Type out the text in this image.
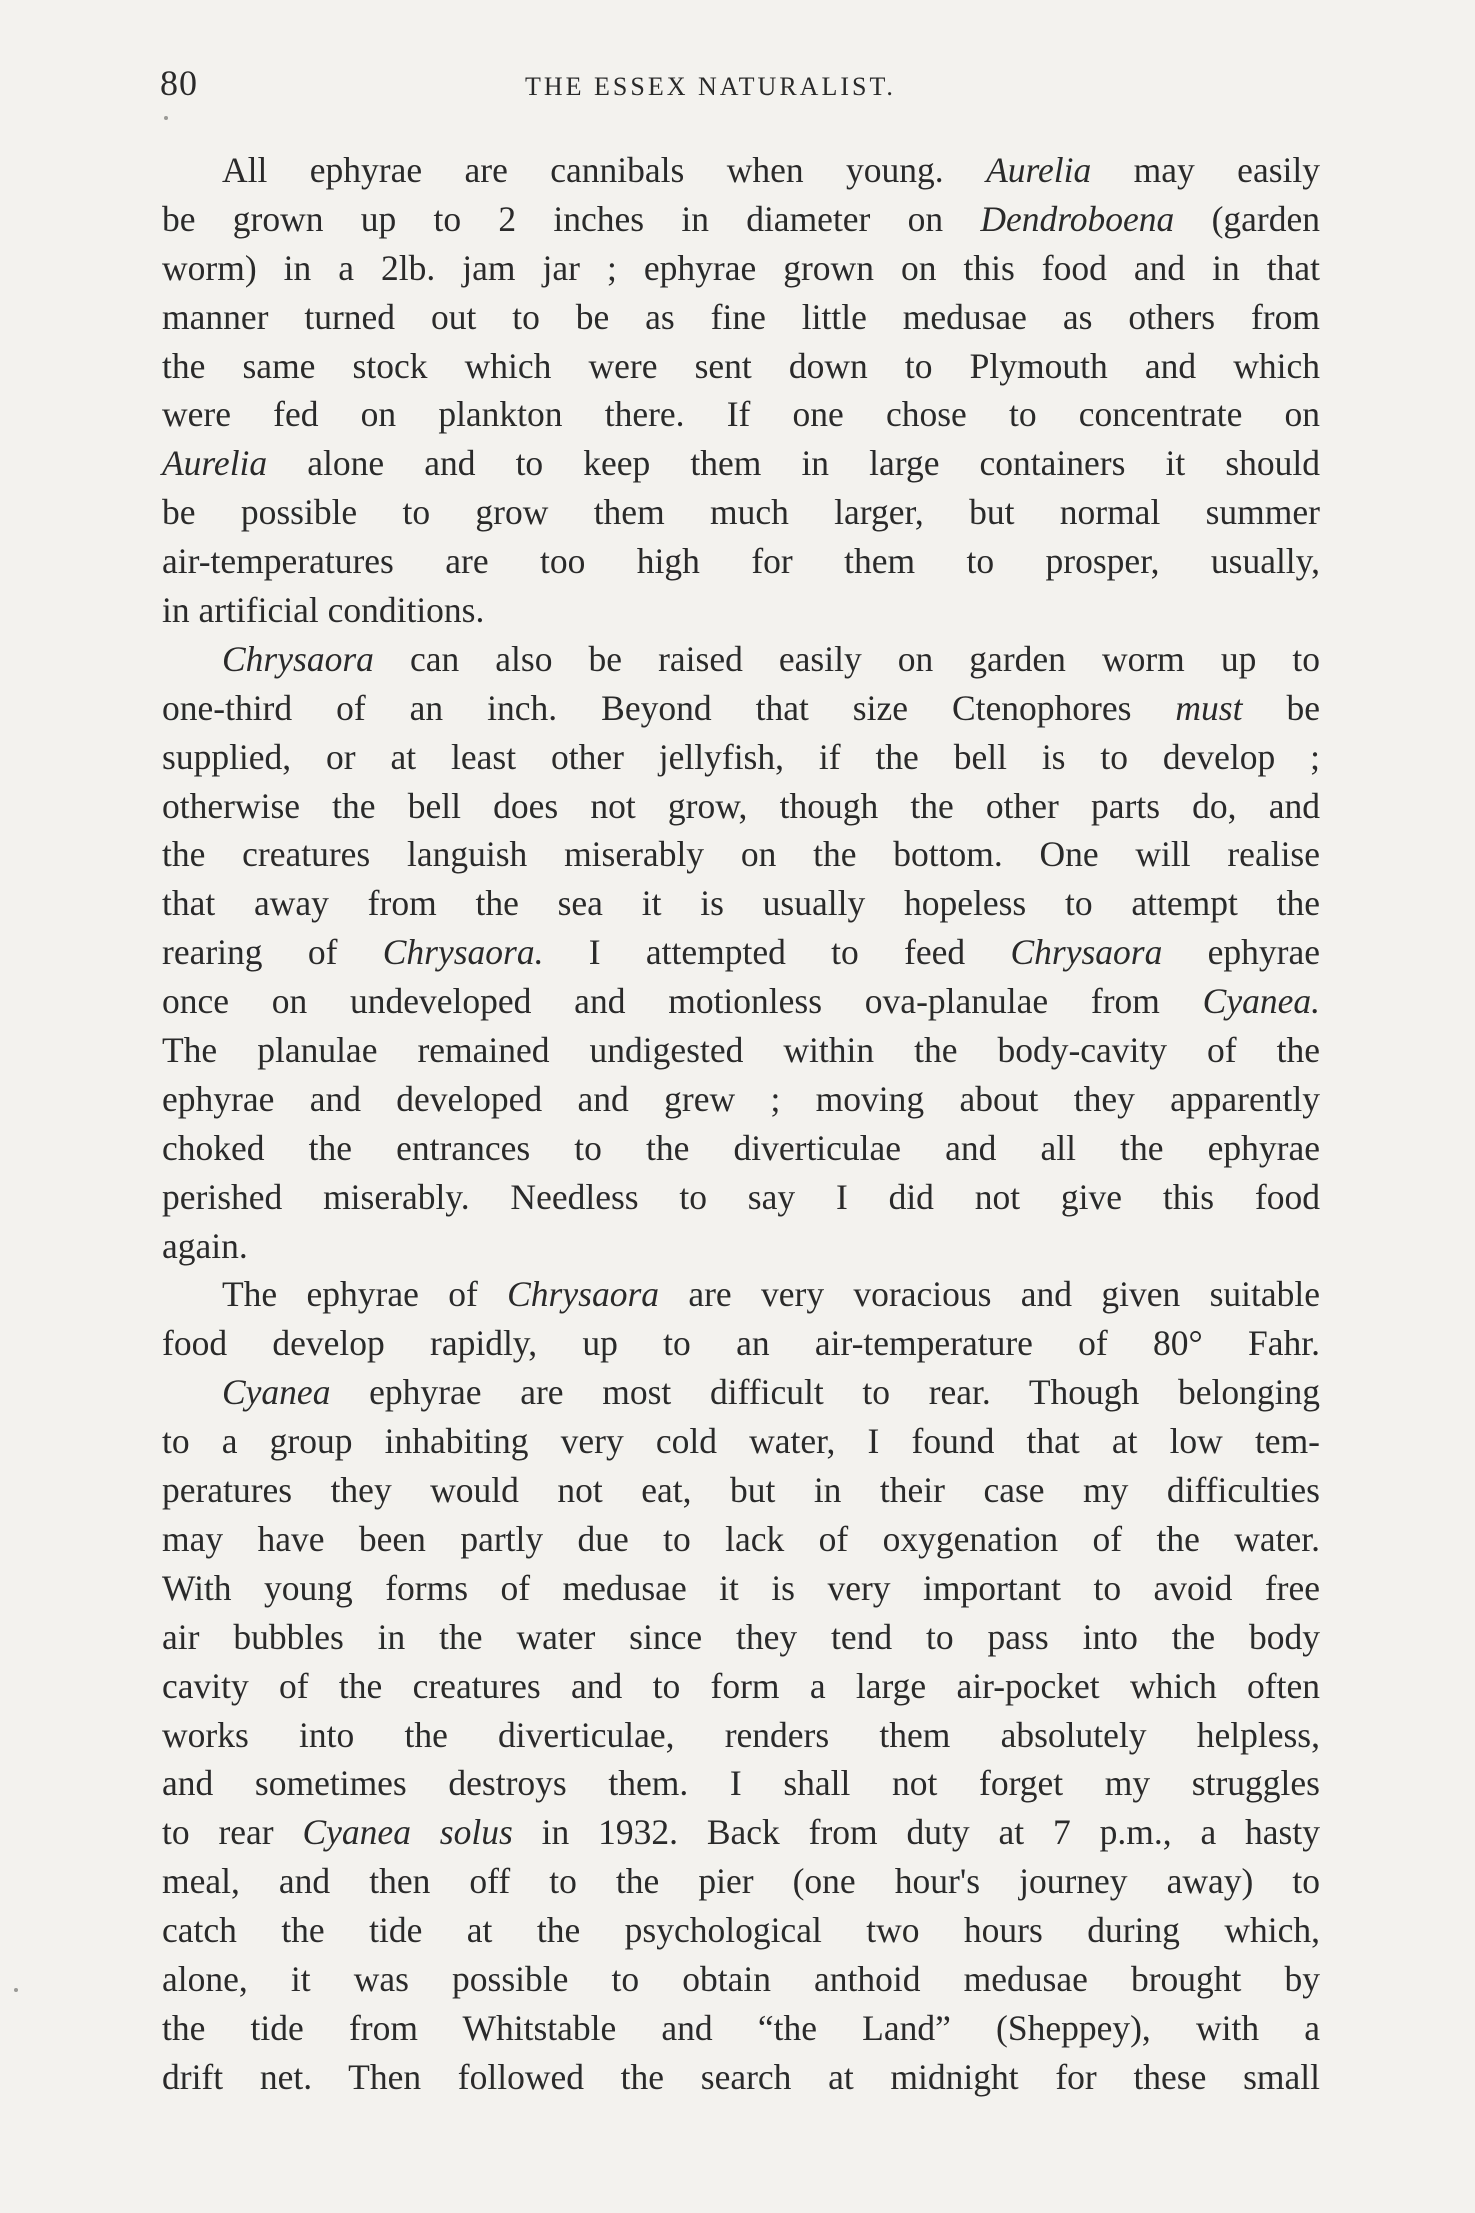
80	THE ESSEX NATURALIST.
All ephyrae are cannibals when young. Aurelia may easily
be grown up to 2 inches in diameter on Dendroboena (garden
worm) in a 2lb. jam jar ; ephyrae grown on this food and in that
manner turned out to be as fine little medusae as others from
the same stock which were sent down to Plymouth and which
were fed on plankton there. If one chose to concentrate on
Aurelia alone and to keep them in large containers it should
be possible to grow them much larger, but normal summer
air-temperatures are too high for them to prosper, usually,
in artificial conditions.
Chrysaora can also be raised easily on garden worm up to
one-third of an inch. Beyond that size Ctenophores must be
supplied, or at least other jellyfish, if the bell is to develop ;
otherwise the bell does not grow, though the other parts do, and
the creatures languish miserably on the bottom. One will realise
that away from the sea it is usually hopeless to attempt the
rearing of Chrysaora. I attempted to feed Chrysaora ephyrae
once on undeveloped and motionless ova-planulae from Cyanea.
The planulae remained undigested within the body-cavity of the
ephyrae and developed and grew ; moving about they apparently
choked the entrances to the diverticulae and all the ephyrae
perished miserably. Needless to say I did not give this food
again.
The ephyrae of Chrysaora are very voracious and given suitable
food develop rapidly, up to an air-temperature of 80° Fahr.
Cyanea ephyrae are most difficult to rear. Though belonging
to a group inhabiting very cold water, I found that at low tem-
peratures they would not eat, but in their case my difficulties
may have been partly due to lack of oxygenation of the water.
With young forms of medusae it is very important to avoid free
air bubbles in the water since they tend to pass into the body
cavity of the creatures and to form a large air-pocket which often
works into the diverticulae, renders them absolutely helpless,
and sometimes destroys them. I shall not forget my struggles
to rear Cyanea solus in 1932. Back from duty at 7 p.m., a hasty
meal, and then off to the pier (one hour's journey away) to
catch the tide at the psychological two hours during which,
alone, it was possible to obtain anthoid medusae brought by
the tide from Whitstable and “the Land” (Sheppey), with a
drift net. Then followed the search at midnight for these small
